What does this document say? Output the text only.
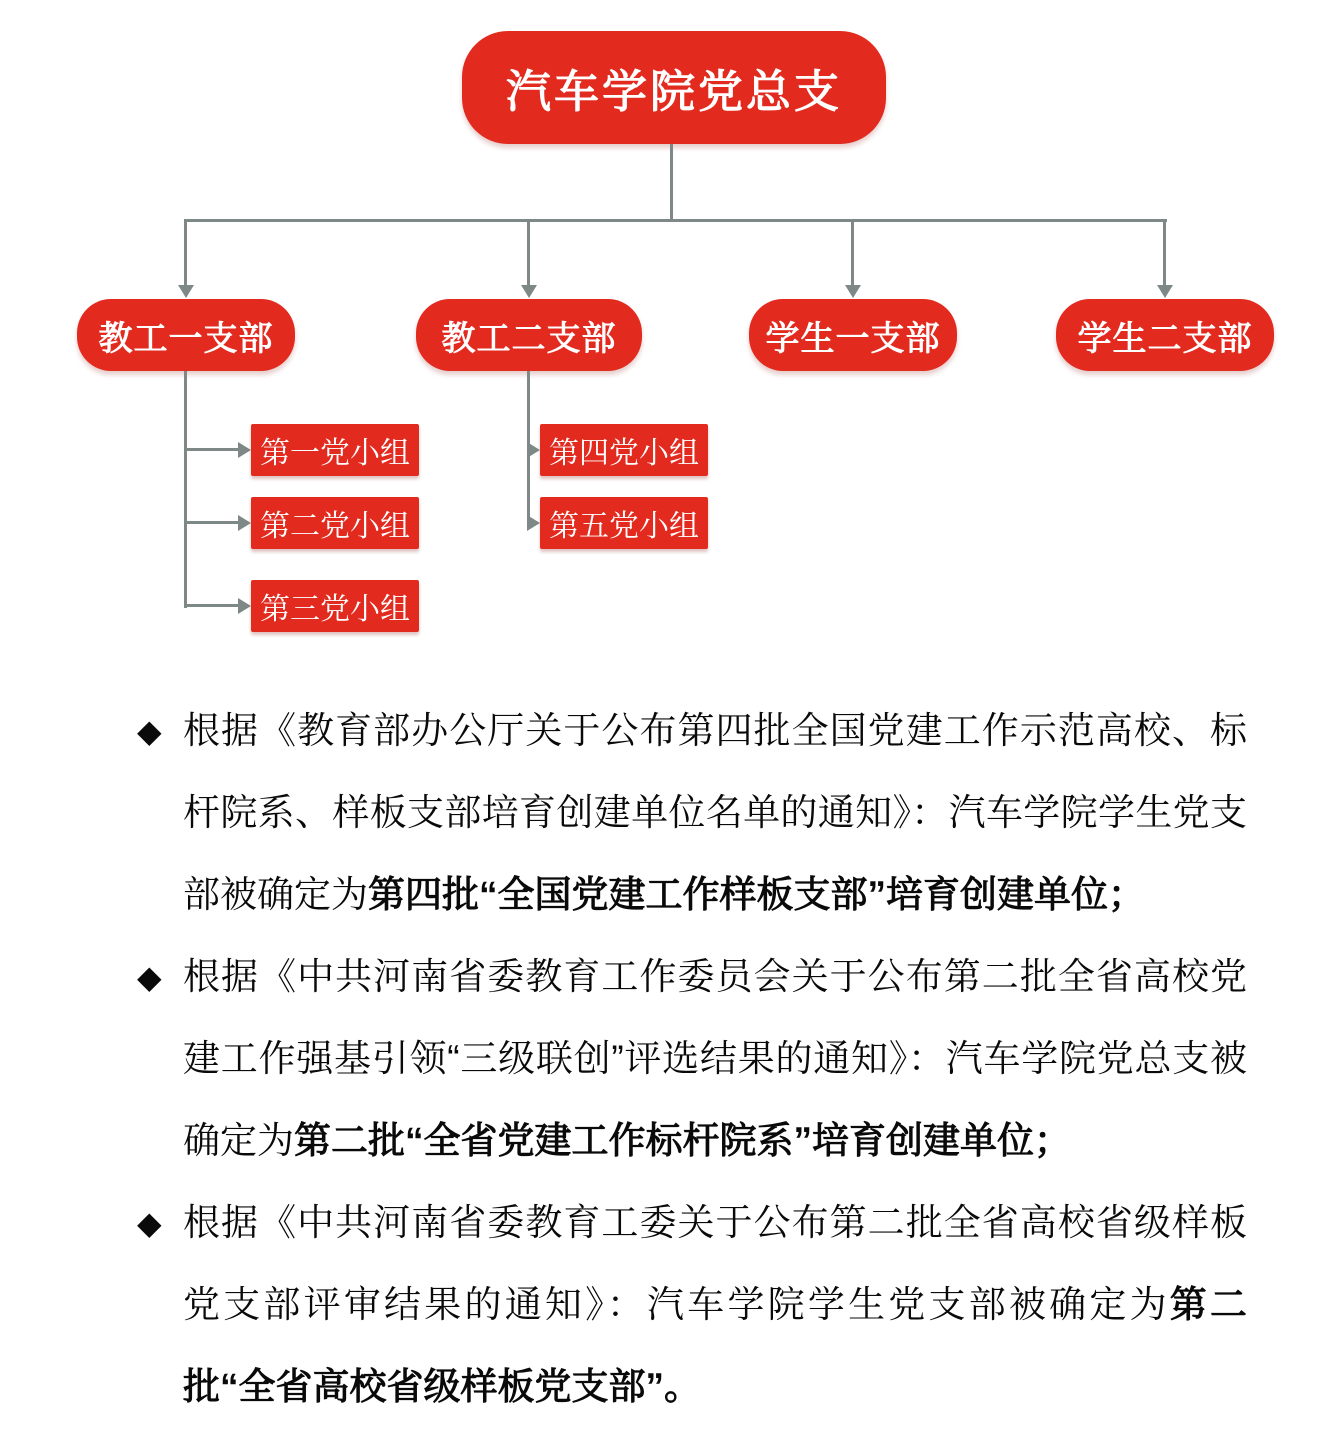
汽车学院党总支
教工一支部	教工二支部	学生一支部	学生二支部
第一党小组
第二党小组
第三党小组
第四党小组
第五党小组
◆ 根据《教育部办公厅关于公布第四批全国党建工作示范高校、标杆院系、样板支部培育创建单位名单的通知》：汽车学院学生党支部被确定为第四批“全国党建工作样板支部”培育创建单位；

◆ 根据《中共河南省委教育工作委员会关于公布第二批全省高校党建工作强基引领“三级联创”评选结果的通知》：汽车学院党总支被确定为第二批“全省党建工作标杆院系”培育创建单位；

◆ 根据《中共河南省委教育工委关于公布第二批全省高校省级样板党支部评审结果的通知》：汽车学院学生党支部被确定为第二批“全省高校省级样板党支部”。
